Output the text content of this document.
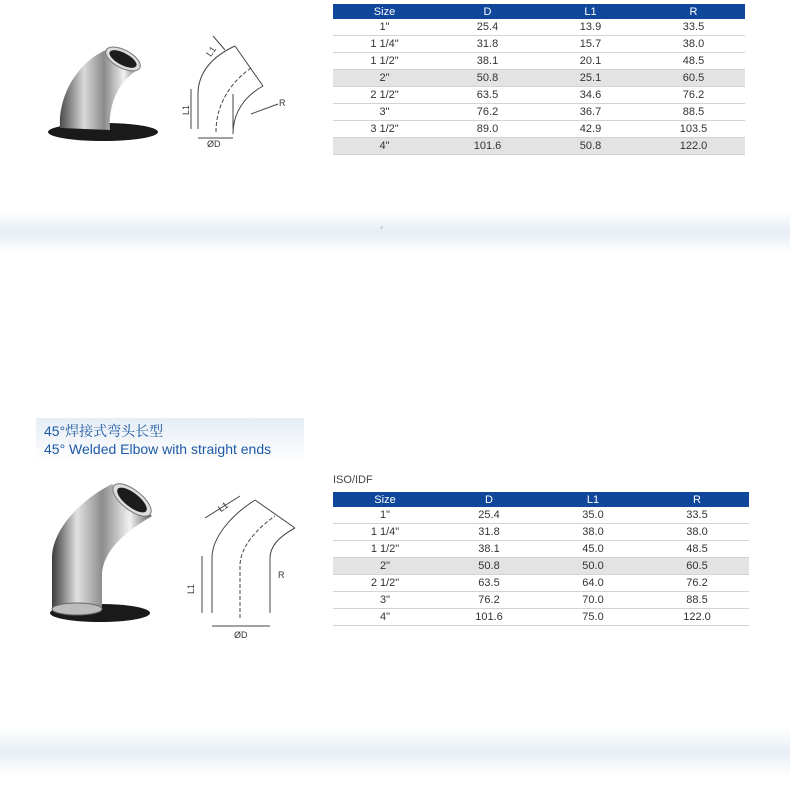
L1
L1
R
ØD
Size	D	L1	R
1"	25.4	13.9	33.5
1 1/4"	31.8	15.7	38.0
1 1/2"	38.1	20.1	48.5
2"	50.8	25.1	60.5
2 1/2"	63.5	34.6	76.2
3"	76.2	36.7	88.5
3 1/2"	89.0	42.9	103.5
4"	101.6	50.8	122.0
45°焊接式弯头长型
45° Welded Elbow with straight ends
L1
L1
R
ØD
ISO/IDF
Size	D	L1	R
1"	25.4	35.0	33.5
1 1/4"	31.8	38.0	38.0
1 1/2"	38.1	45.0	48.5
2"	50.8	50.0	60.5
2 1/2"	63.5	64.0	76.2
3"	76.2	70.0	88.5
4"	101.6	75.0	122.0
